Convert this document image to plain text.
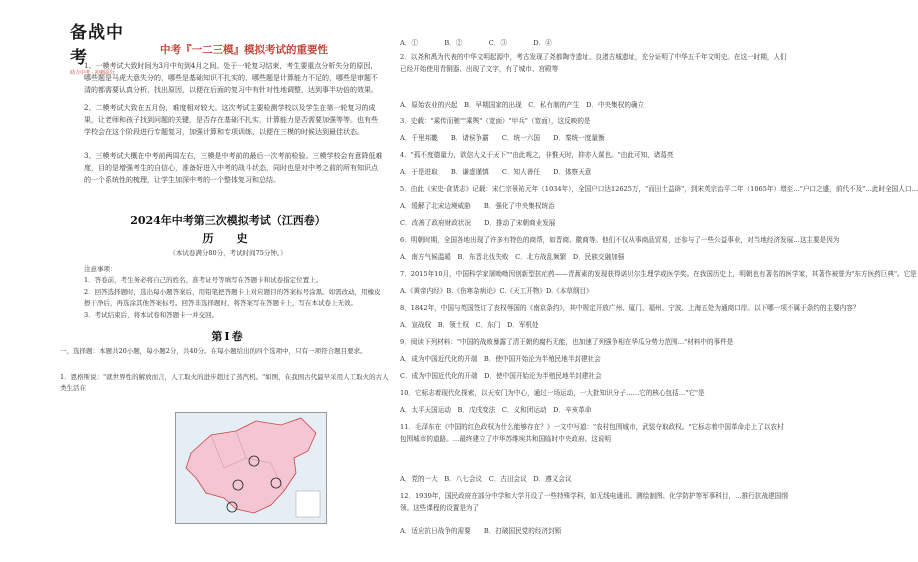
备战中考
助力中考 · 冲刺高分
中考『一二三模』模拟考试的重要性
1、一模考试大致时间为3月中旬到4月之间。处于一轮复习结束，考生要重点分析失分的原因，哪些题是马虎大意失分的，哪些是基础知识不扎实的，哪些题是计算能力不足的，哪些是审题不清的都需要认真分析，找出原因，以便在后面的复习中有针对性地调整，达到事半功倍的效果。
2、二模考试大致在五月份，难度相对较大。这次考试主要检测学校以及学生在第一轮复习的成果，让老师和孩子找到问题的关键，是否存在基础不扎实，计算能力是否需要加强等等。也有些学校会在这个阶段进行专题复习，加强计算和专项训练，以便在三模的时候达到最佳状态。
3、三模考试大概在中考前两周左右，三模是中考前的最后一次考前检验。三模学校会有意降低难度，目的是增强考生的自信心，准备好进入中考的战斗状态，同时也是对中考之前的所有知识点的一个系统性的梳理，让学生加深中考的一个整体复习和总结。
2024年中考第三次模拟考试（江西卷）
历　史
（本试卷满分80分，考试时间75分钟。）
注意事项：
1．答卷前，考生务必将自己的姓名、准考证号等填写在答题卡和试卷指定位置上。
2．回答选择题时，选出每小题答案后，用铅笔把答题卡上对应题目的答案标号涂黑。如需改动，用橡皮擦干净后，再选涂其他答案标号。回答非选择题时，将答案写在答题卡上，写在本试卷上无效。
3．考试结束后，将本试卷和答题卡一并交回。
第Ⅰ卷
一、选择题：本题共20小题，每小题2分，共40分。在每小题给出的四个选项中，只有一项符合题目要求。
1．恩格斯说："就世界性的解放而言，人工取火的进步超过了蒸汽机。"如图，在我国古代最早采用人工取火的古人类生活在
A．①　　　　B．②　　　　C．③　　　　D．④
2．以尧和禹为代表的中华文明起源中，考古发现了尧都陶寺遗址、良渚古城遗址，充分证明了中华五千年文明史。在这一时期，人们已经开始使用青铜器、出现了文字，有了城市、宫殿等
A．原始农业的兴起　B．早期国家的出现　C．私有制的产生　D．中央集权的确立
3．史载："乘传而驰""乘舆"（宽面）"甲兵"（宽面），这反映的是
A．千里邦畿　　B．诸侯争霸　　C．统一六国　　D．秦统一度量衡
4．"孤不度德量力，欲信大义于天下""由此观之，非惟天时，抑亦人谋也。"由此可知，诸葛亮
A．于是进取　　B．谦虚谨慎　　C．知人善任　　D．体察天意
5．由此《宋史·食货志》记载：宋仁宗景祐元年（1034年），全国户口达12625万，"而田土益辟"，到宋英宗治平二年（1065年）增至…"户口之盛，前代不及"…此时全国人口…
A．缓解了北宋边境威胁　　B．强化了中央集权统治
C．改善了政府财政状况　　D．推动了宋朝商业发展
6．明朝时期，全国各地出现了许多有特色的商帮，如晋商、徽商等。他们不仅从事商品贸易，还参与了一些公益事业，对当地经济发展…这主要是因为
A．南方气候温暖　B．东晋北伐失败　C．北方战乱频繁　D．民族交融加强
7．2015年10月，中国科学家屠呦呦因创新型抗疟药——青蒿素的发现获得诺贝尔生理学或医学奖。在我国历史上，明朝也有著名的医学家，其著作被誉为"东方医药巨典"。它是
A.《黄帝内经》B.《伤寒杂病论》C.《天工开物》D.《本草纲目》
8．1842年，中国与英国签订了丧权辱国的《南京条约》，其中规定开放广州、厦门、福州、宁波、上海五处为通商口岸。以下哪一项不属于条约的主要内容？
A．宣战权　B．领土权　C．东门　D．军机处
9．阅读下列材料："中国的战败暴露了清王朝的腐朽无能，也加速了列强争相在华瓜分势力范围…"材料中的事件是
A．成为中国近代化的开端　B．使中国开始沦为半殖民地半封建社会
C．成为中国近代化的开端　D．使中国开始沦为半殖民地半封建社会
10．它标志着现代化探索，以天安门为中心，通过一场运动，一大批知识分子……它的核心包括…"它"是
A．太平天国运动　B．戊戌变法　C．义和团运动　D．辛亥革命
11．毛泽东在《中国的红色政权为什么能够存在？》一文中写道："农村包围城市，武装夺取政权。"它标志着中国革命走上了以农村包围城市的道路。…最终建立了中华苏维埃共和国临时中央政府。这说明
A．党的一大　B．八七会议　C．古田会议　D．遵义会议
12．1939年，国民政府在部分中学和大学开设了一些特殊学科，如无线电通讯、测绘制图、化学防护等军事科目，…推行抗战建国纲领。这些课程的设置是为了
A．适应抗日战争的需要　　B．打破国民党的经济封锁
